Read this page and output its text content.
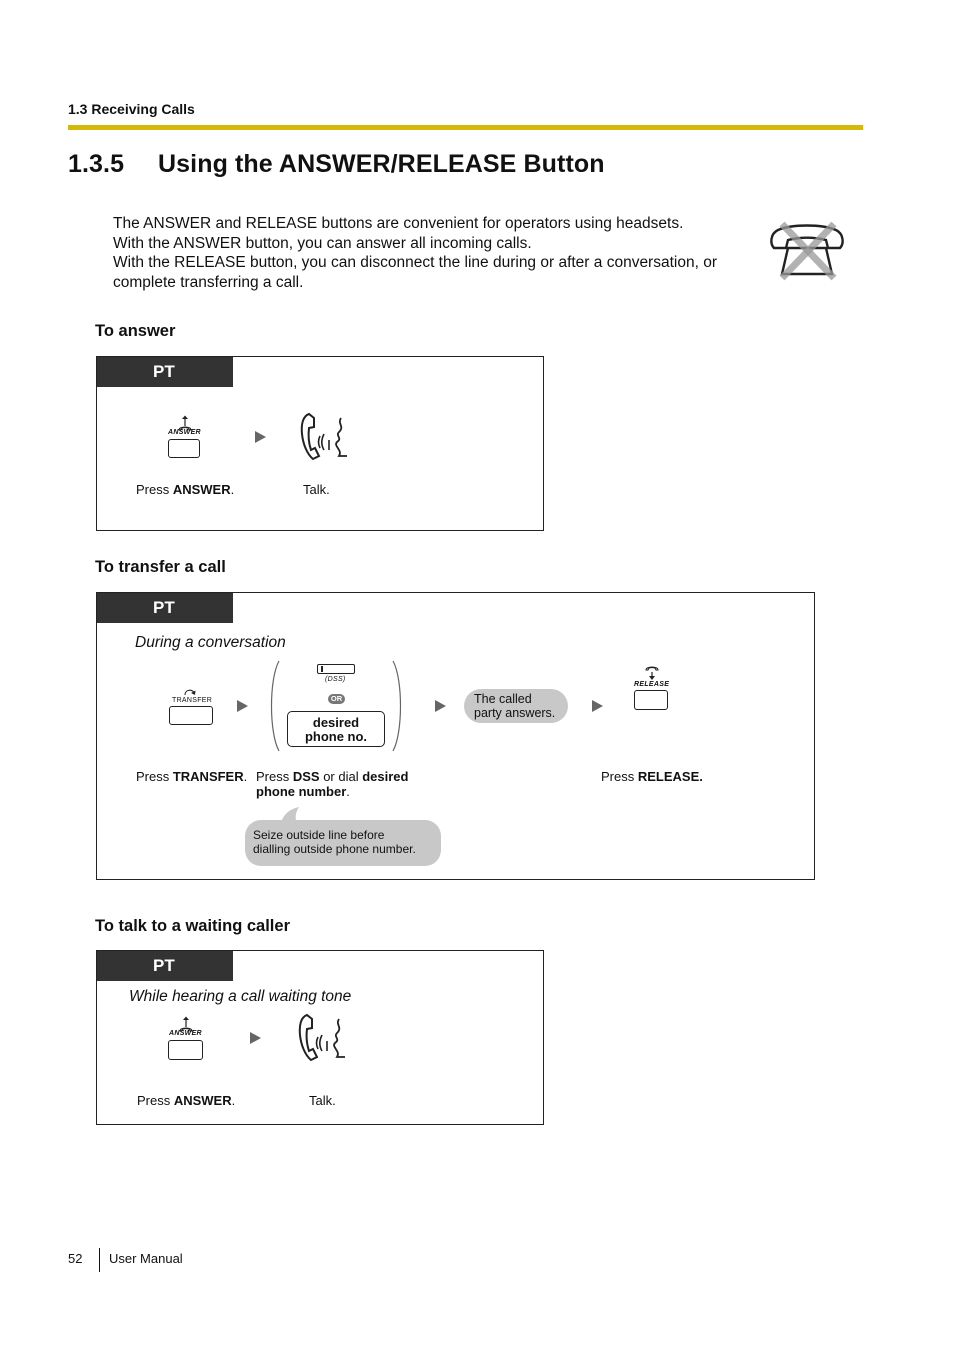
1.3 Receiving Calls
1.3.5 Using the ANSWER/RELEASE Button

The ANSWER and RELEASE buttons are convenient for operators using headsets.

With the ANSWER button, you can answer all incoming calls.

With the RELEASE button, you can disconnect the line during or after a conversation, or complete transferring a call.

To answer
PT
ANSWER
Press ANSWER.	Talk.
To transfer a call
PT
During a conversation
TRANSFER
(DSS)
OR
desired
phone no.
The called
party answers.
RELEASE
Press TRANSFER. Press DSS or dial desired
phone number.
Press RELEASE.
Seize outside line before
dialling outside phone number.
To talk to a waiting caller
PT
While hearing a call waiting tone
ANSWER
Press ANSWER.	Talk.
52 User Manual
